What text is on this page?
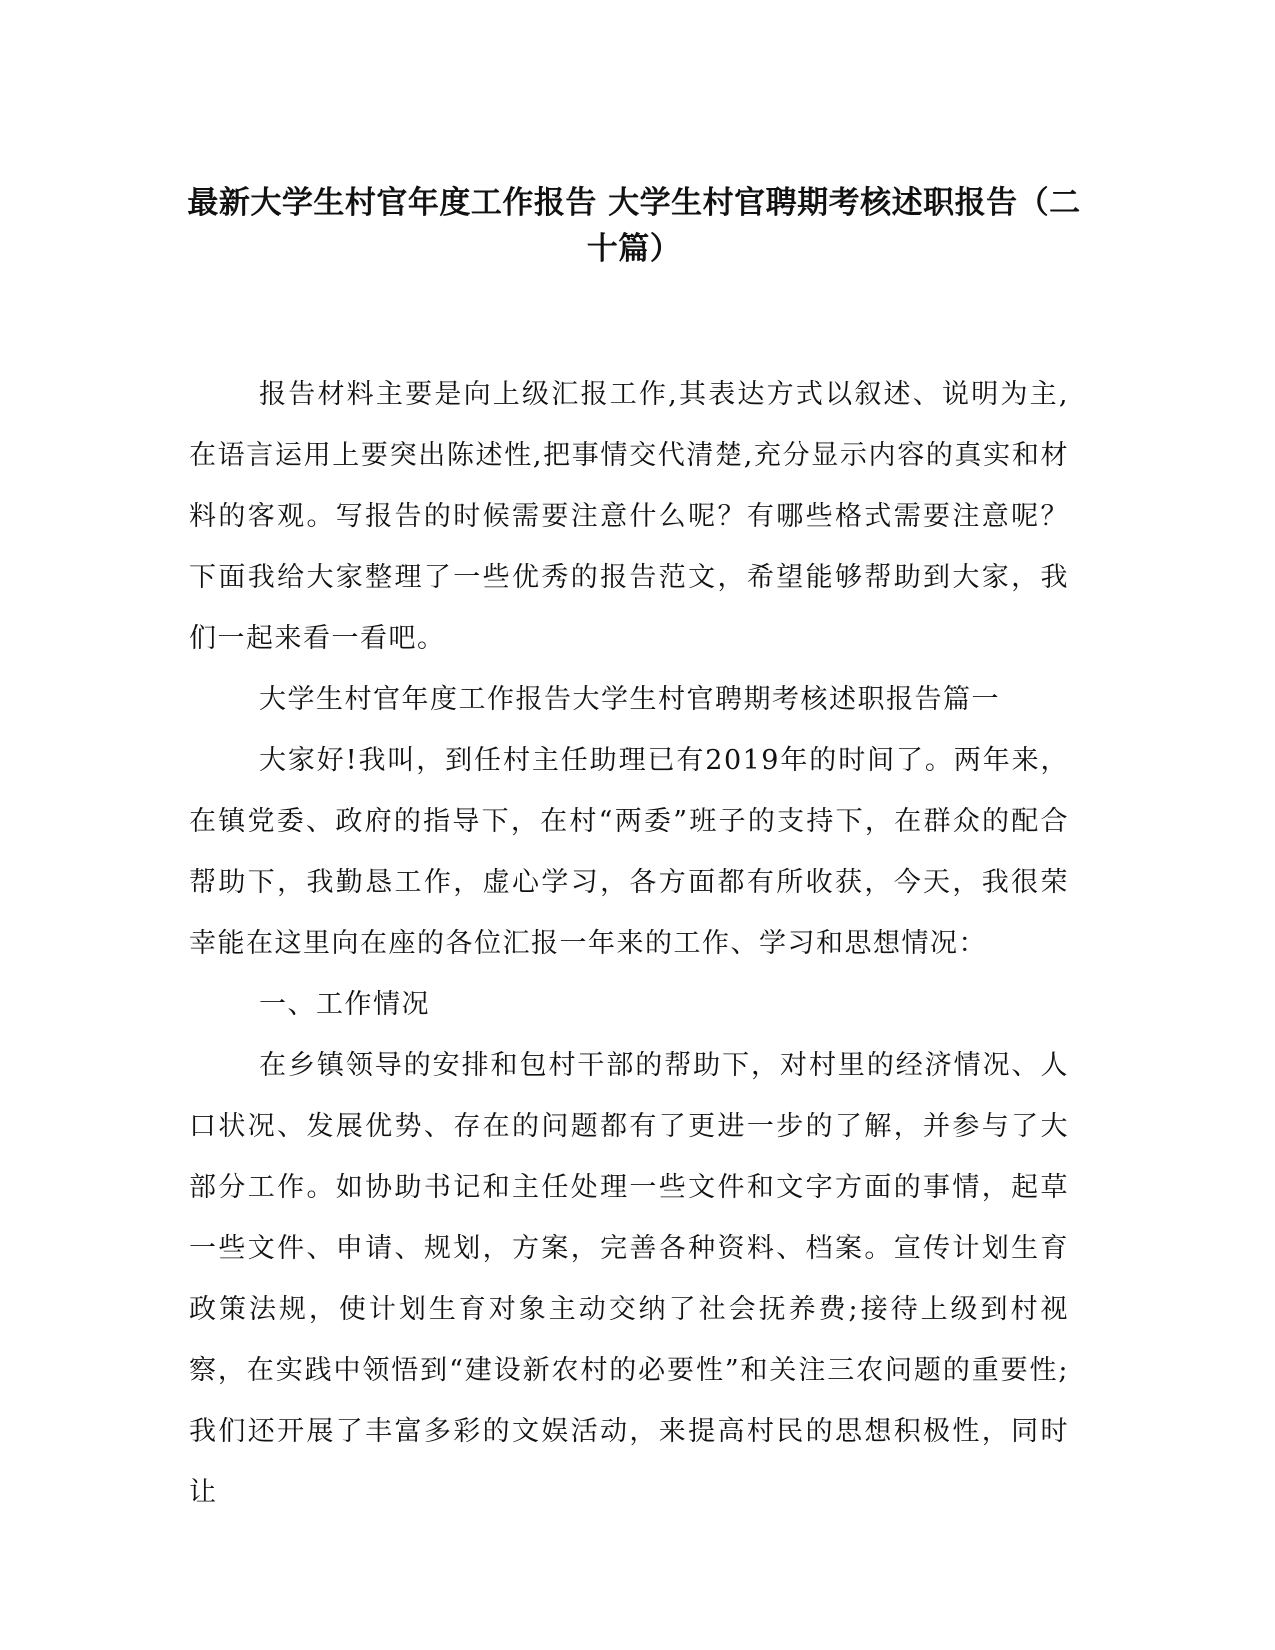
最新大学生村官年度工作报告 大学生村官聘期考核述职报告（二十篇）

报告材料主要是向上级汇报工作,其表达方式以叙述、说明为主,在语言运用上要突出陈述性,把事情交代清楚,充分显示内容的真实和材料的客观。写报告的时候需要注意什么呢？有哪些格式需要注意呢？下面我给大家整理了一些优秀的报告范文，希望能够帮助到大家，我们一起来看一看吧。

大学生村官年度工作报告大学生村官聘期考核述职报告篇一

大家好!我叫，到任村主任助理已有2019年的时间了。两年来，在镇党委、政府的指导下，在村“两委”班子的支持下，在群众的配合帮助下，我勤恳工作，虚心学习，各方面都有所收获，今天，我很荣幸能在这里向在座的各位汇报一年来的工作、学习和思想情况：

一、工作情况

在乡镇领导的安排和包村干部的帮助下，对村里的经济情况、人口状况、发展优势、存在的问题都有了更进一步的了解，并参与了大部分工作。如协助书记和主任处理一些文件和文字方面的事情，起草一些文件、申请、规划，方案，完善各种资料、档案。宣传计划生育政策法规，使计划生育对象主动交纳了社会抚养费;接待上级到村视察，在实践中领悟到“建设新农村的必要性”和关注三农问题的重要性;我们还开展了丰富多彩的文娱活动，来提高村民的思想积极性，同时让
